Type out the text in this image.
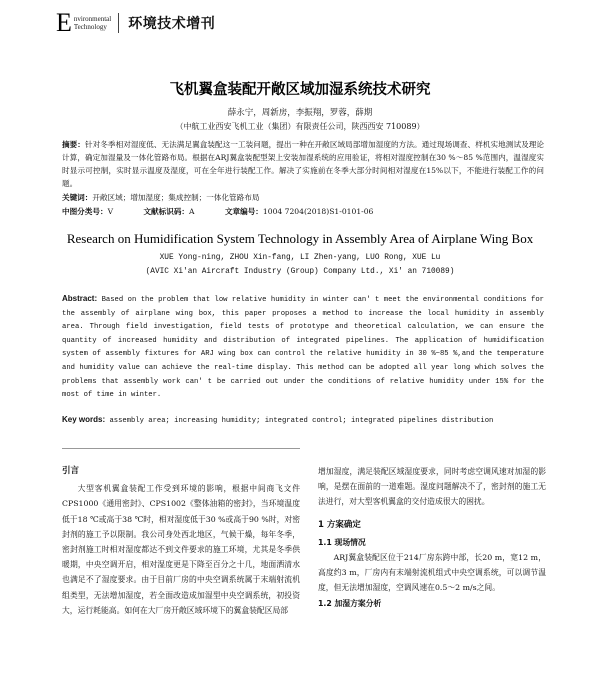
E nvironmental
Technology	环境技术增刊
飞机翼盒装配开敞区域加湿系统技术研究
薛永宁，周新房，李振翔，罗蓉，薛期
（中航工业西安飞机工业（集团）有限责任公司，陕西西安 710089）
摘要：针对冬季相对湿度低、无法满足翼盒装配这一工装问题，提出一种在开敞区域局部增加湿度的方法。通过现场调查、样机实地测试及理论计算，确定加湿量及一体化管路布局。根据在ARJ翼盒装配型架上安装加湿系统的应用验证，将相对湿度控制在30 %～85 %范围内，温湿度实时显示可控制，实时显示温度及湿度，可在全年进行装配工作。解决了实施前在冬季大部分时间相对湿度在15%以下，不能进行装配工作的问题。
关键词：开敞区域；增加湿度；集成控制；一体化管路布局
中图分类号：V	文献标识码：A	文章编号：1004 7204(2018)S1-0101-06
Research on Humidification System Technology in Assembly Area of Airplane Wing Box
XUE Yong-ning, ZHOU Xin-fang, LI Zhen-yang, LUO Rong, XUE Lu
(AVIC Xi'an Aircraft Industry (Group) Company Ltd., Xi' an 710089)
Abstract: Based on the problem that low relative humidity in winter can' t meet the environmental conditions for the assembly of airplane wing box, this paper proposes a method to increase the local humidity in assembly area. Through field investigation, field tests of prototype and theoretical calculation, we can ensure the quantity of increased humidity and distribution of integrated pipelines. The application of humidification system of assembly fixtures for ARJ wing box can control the relative humidity in 30 %~85 %,and the temperature and humidity value can achieve the real-time display. This method can be adopted all year long which solves the problems that assembly work can' t be carried out under the conditions of relative humidity under 15% for the most of time in winter.
Key words: assembly area; increasing humidity; integrated control; integrated pipelines distribution
引言
大型客机翼盒装配工作受到环境的影响，根据中间商飞文件CPS1000《通用密封》、CPS1002《整体油箱的密封》，当环境温度低于18 ℃或高于38 ℃时，相对湿度低于30 %或高于90 %时，对密封剂的施工予以限制。我公司身处西北地区，气候干燥，每年冬季，密封剂施工时相对湿度都达不到文件要求的施工环境，尤其是冬季供暖期，中央空调开启，相对湿度更是下降至百分之十几，地面洒清水也满足不了湿度要求。由于目前厂房的中央空调系统属于末端射流机组类型，无法增加湿度，若全面改造成加湿型中央空调系统，初投资大，运行耗能高。如何在大厂房开敞区域环境下的翼盒装配区局部
增加湿度，满足装配区域湿度要求，同时考虑空调风速对加湿的影响，是摆在面前的一道难题。湿度问题解决不了，密封剂的施工无法进行，对大型客机翼盒的交付造成很大的困扰。
1 方案确定
1.1 现场情况
ARJ翼盒装配区位于214厂房东跨中部，长20 m，宽12 m，高度约3 m，厂房内有末端射流机组式中央空调系统，可以调节温度，但无法增加湿度，空调风速在0.5～2 m/s之间。
1.2 加湿方案分析
